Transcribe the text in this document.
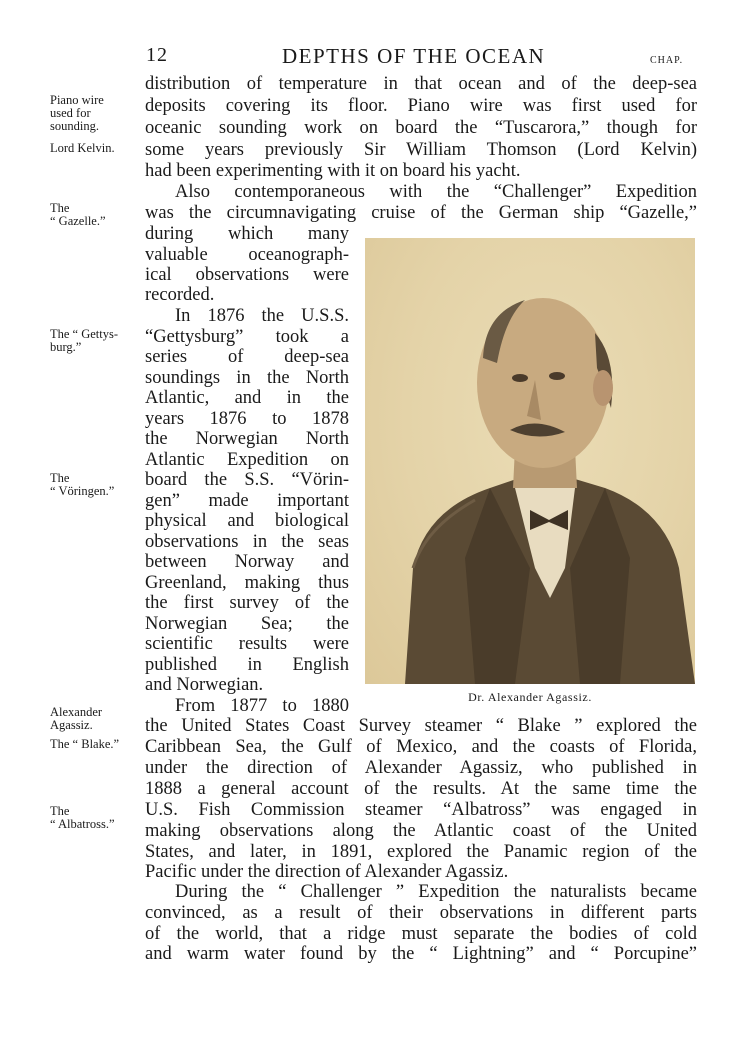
12	DEPTHS OF THE OCEAN	CHAP.
Piano wire
used for
sounding.
Lord Kelvin.
The
“ Gazelle.”
The “ Gettys-
burg.”
The
“ Vöringen.”
Alexander
Agassiz.
The “ Blake.”
The
“ Albatross.”
distribution of temperature in that ocean and of the deep-sea
deposits covering its floor. Piano wire was first used for
oceanic sounding work on board the “Tuscarora,” though for
some years previously Sir William Thomson (Lord Kelvin)
had been experimenting with it on board his yacht.
Also contemporaneous with the “Challenger” Expedition
was the circumnavigating cruise of the German ship “Gazelle,”
during which many
valuable oceanograph-
ical observations were
recorded.
In 1876 the U.S.S.
“Gettysburg” took a
series of deep-sea
soundings in the North
Atlantic, and in the
years 1876 to 1878
the Norwegian North
Atlantic Expedition on
board the S.S. “Vörin-
gen” made important
physical and biological
observations in the seas
between Norway and
Greenland, making thus
the first survey of the
Norwegian Sea; the
scientific results were
published in English
and Norwegian.
From 1877 to 1880
the United States Coast Survey steamer “ Blake ” explored the
Caribbean Sea, the Gulf of Mexico, and the coasts of Florida,
under the direction of Alexander Agassiz, who published in
1888 a general account of the results. At the same time the
U.S. Fish Commission steamer “Albatross” was engaged in
making observations along the Atlantic coast of the United
States, and later, in 1891, explored the Panamic region of the
Pacific under the direction of Alexander Agassiz.
During the “ Challenger ” Expedition the naturalists became
convinced, as a result of their observations in different parts
of the world, that a ridge must separate the bodies of cold
and warm water found by the “ Lightning” and “ Porcupine”
Dr. Alexander Agassiz.
